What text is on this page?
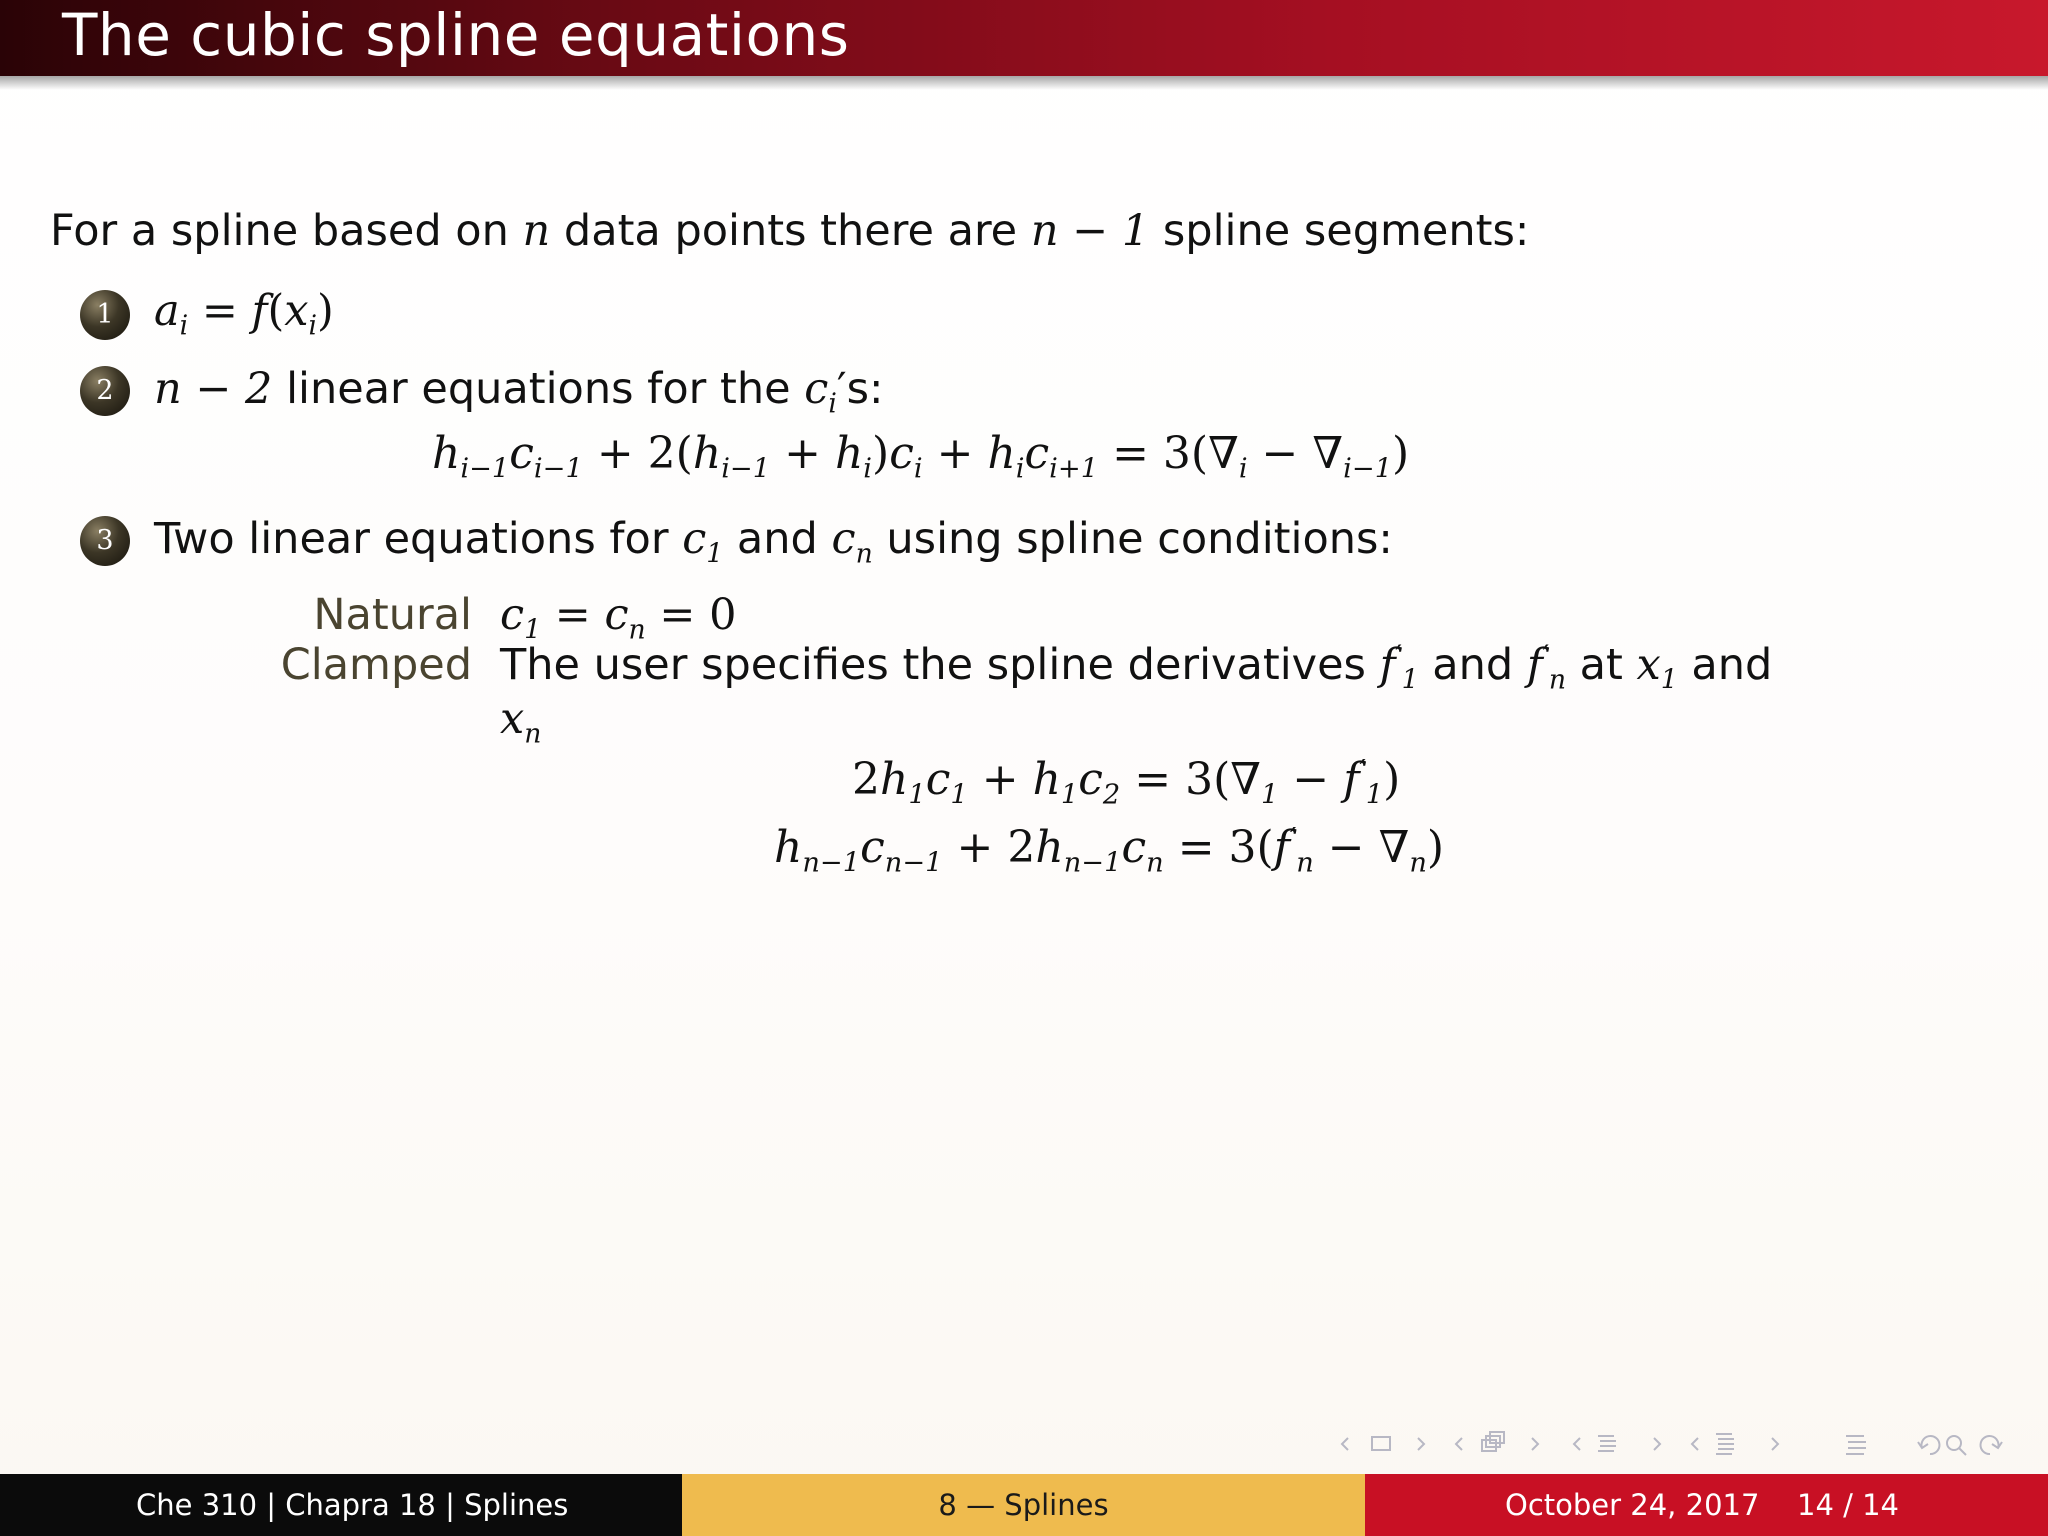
The cubic spline equations
For a spline based on n data points there are n − 1 spline segments:
1 $a_i = f(x_i)$
2 n − 2 linear equations for the $c_i's$:
$h_{i-1}c_{i-1} + 2(h_{i-1} + h_i)c_i + h_ic_{i+1} = 3(\nabla_i - \nabla_{i-1})$
3 Two linear equations for $c_1$ and $c_n$ using spline conditions:
Natural $c_1 = c_n = 0$
Clamped The user specifies the spline derivatives $f'_1$ and $f'_n$ at $x_1$ and
$x_n$
$2h_1c_1 + h_1c_2 = 3(\nabla_1 - f'_1)$
$h_{n-1}c_{n-1} + 2h_{n-1}c_n = 3(f'_n - \nabla_n)$
Che 310 | Chapra 18 | Splines	8 — Splines	October 24, 2017 14 / 14
